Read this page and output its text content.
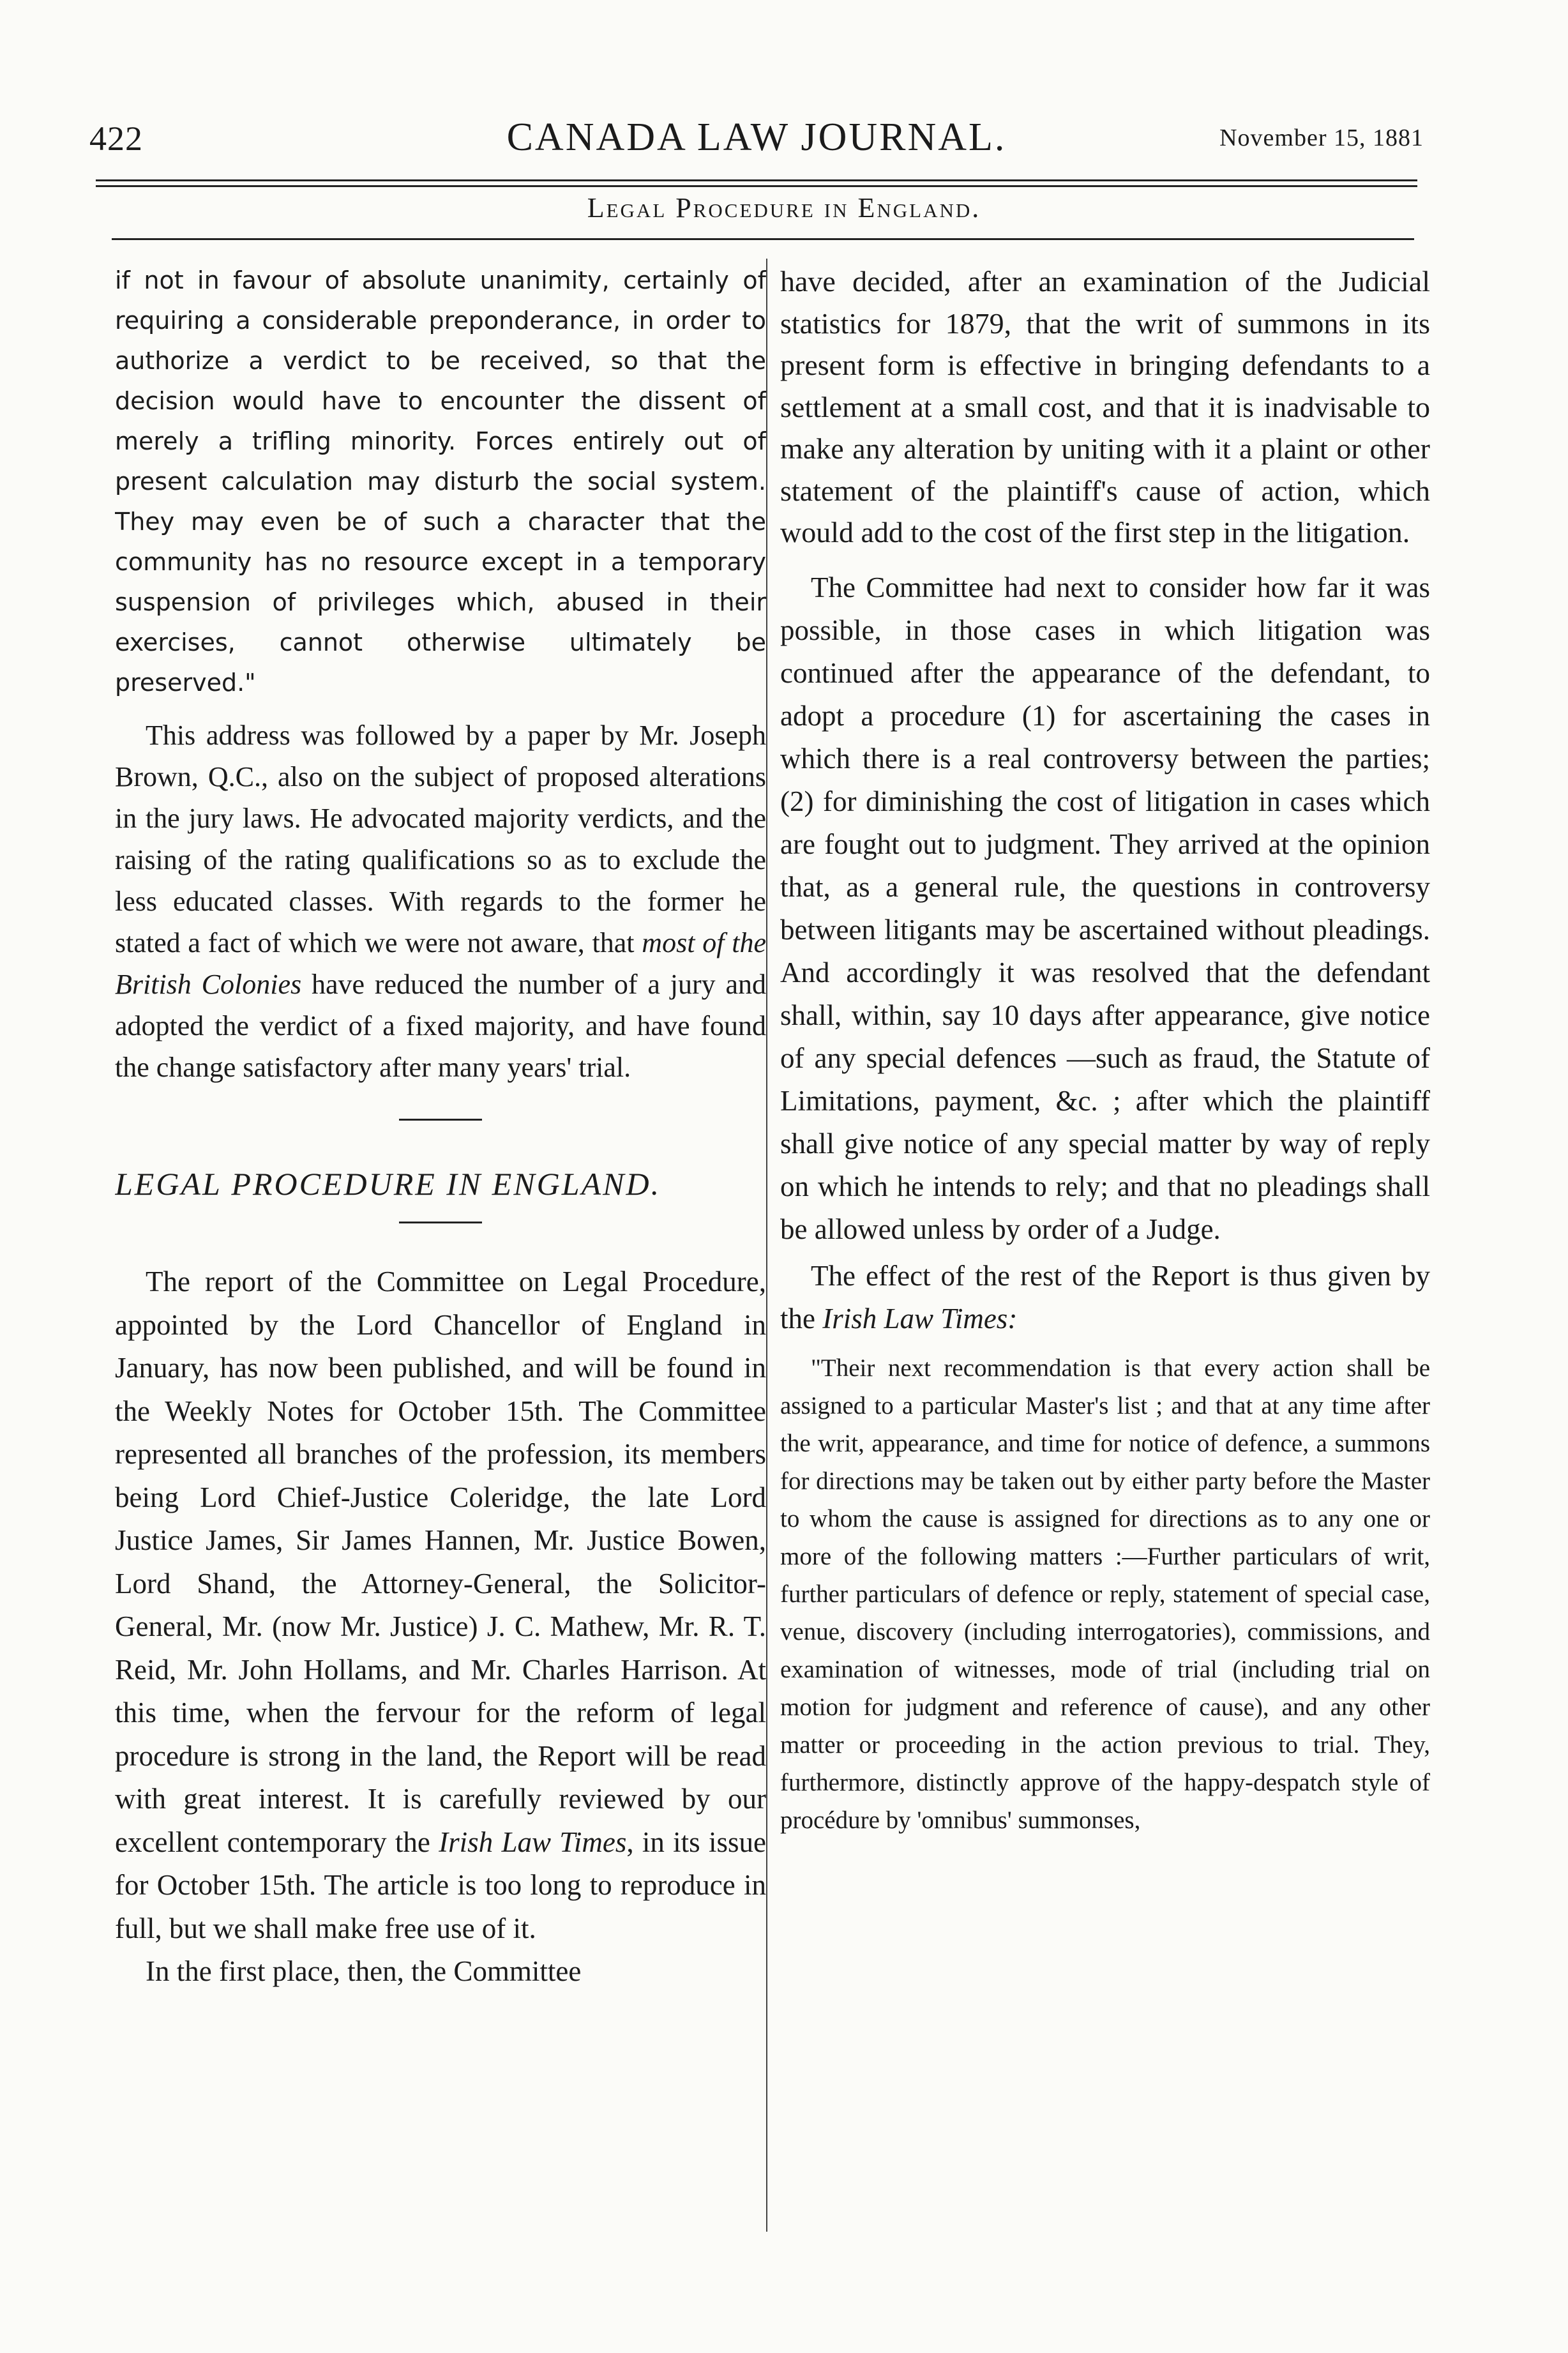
422	CANADA LAW JOURNAL.	November 15, 1881
Legal Procedure in England.

if not in favour of absolute unanimity, certainly of requiring a considerable preponderance, in order to authorize a verdict to be received, so that the decision would have to encounter the dissent of merely a trifling minority. Forces entirely out of present calculation may disturb the social system. They may even be of such a character that the community has no resource except in a temporary suspension of privileges which, abused in their exercises, cannot otherwise ultimately be preserved."

This address was followed by a paper by Mr. Joseph Brown, Q.C., also on the subject of proposed alterations in the jury laws. He advocated majority verdicts, and the raising of the rating qualifications so as to exclude the less educated classes. With regards to the former he stated a fact of which we were not aware, that most of the British Colonies have reduced the number of a jury and adopted the verdict of a fixed majority, and have found the change satisfactory after many years' trial.

LEGAL PROCEDURE IN ENGLAND.

The report of the Committee on Legal Procedure, appointed by the Lord Chancellor of England in January, has now been published, and will be found in the Weekly Notes for October 15th. The Committee represented all branches of the profession, its members being Lord Chief-Justice Coleridge, the late Lord Justice James, Sir James Hannen, Mr. Justice Bowen, Lord Shand, the Attorney-General, the Solicitor-General, Mr. (now Mr. Justice) J. C. Mathew, Mr. R. T. Reid, Mr. John Hollams, and Mr. Charles Harrison. At this time, when the fervour for the reform of legal procedure is strong in the land, the Report will be read with great interest. It is carefully reviewed by our excellent contemporary the Irish Law Times, in its issue for October 15th. The article is too long to reproduce in full, but we shall make free use of it.

In the first place, then, the Committee

have decided, after an examination of the Judicial statistics for 1879, that the writ of summons in its present form is effective in bringing defendants to a settlement at a small cost, and that it is inadvisable to make any alteration by uniting with it a plaint or other statement of the plaintiff's cause of action, which would add to the cost of the first step in the litigation.

The Committee had next to consider how far it was possible, in those cases in which litigation was continued after the appearance of the defendant, to adopt a procedure (1) for ascertaining the cases in which there is a real controversy between the parties; (2) for diminishing the cost of litigation in cases which are fought out to judgment. They arrived at the opinion that, as a general rule, the questions in controversy between litigants may be ascertained without pleadings. And accordingly it was resolved that the defendant shall, within, say 10 days after appearance, give notice of any special defences —such as fraud, the Statute of Limitations, payment, &c. ; after which the plaintiff shall give notice of any special matter by way of reply on which he intends to rely; and that no pleadings shall be allowed unless by order of a Judge.

The effect of the rest of the Report is thus given by the Irish Law Times:

"Their next recommendation is that every action shall be assigned to a particular Master's list ; and that at any time after the writ, appearance, and time for notice of defence, a summons for directions may be taken out by either party before the Master to whom the cause is assigned for directions as to any one or more of the following matters :—Further particulars of writ, further particulars of defence or reply, statement of special case, venue, discovery (including interrogatories), commissions, and examination of witnesses, mode of trial (including trial on motion for judgment and reference of cause), and any other matter or proceeding in the action previous to trial. They, furthermore, distinctly approve of the happy-despatch style of procédure by 'omnibus' summonses,
